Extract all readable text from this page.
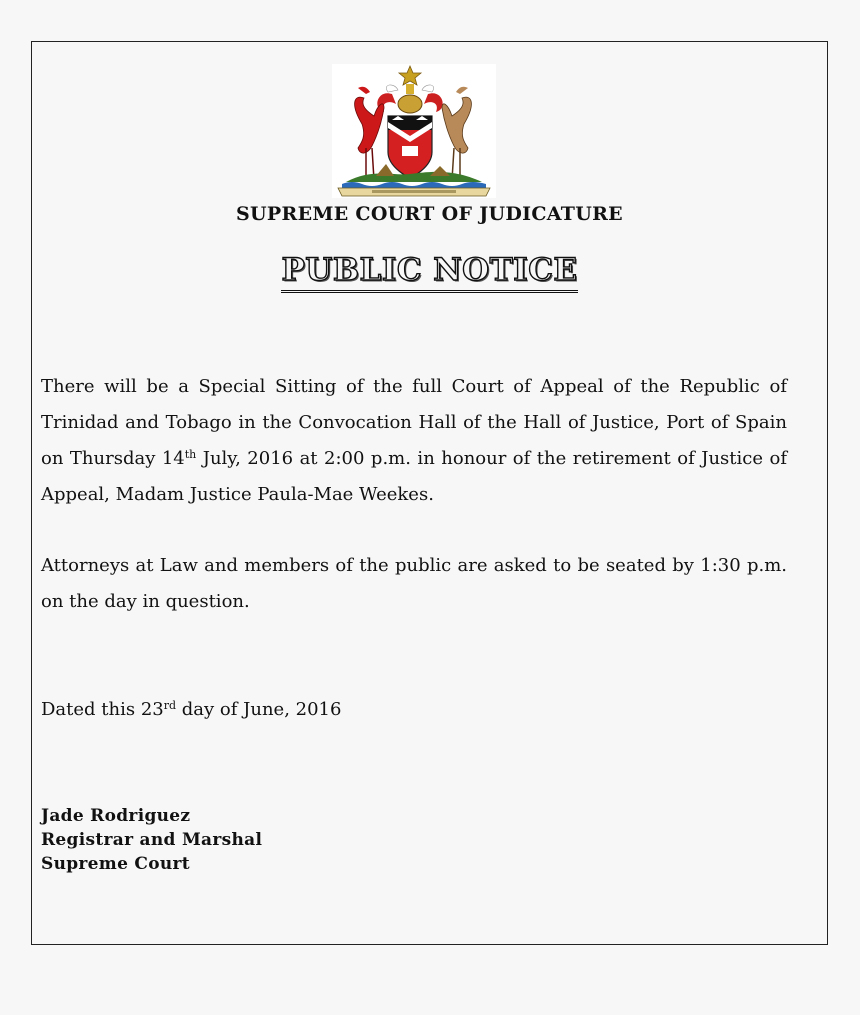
SUPREME COURT OF JUDICATURE
PUBLIC NOTICE
There will be a Special Sitting of the full Court of Appeal of the Republic of Trinidad and Tobago in the Convocation Hall of the Hall of Justice, Port of Spain on Thursday 14th July, 2016 at 2:00 p.m. in honour of the retirement of Justice of Appeal, Madam Justice Paula-Mae Weekes.
Attorneys at Law and members of the public are asked to be seated by 1:30 p.m. on the day in question.
Dated this 23rd day of June, 2016
Jade Rodriguez
Registrar and Marshal
Supreme Court
